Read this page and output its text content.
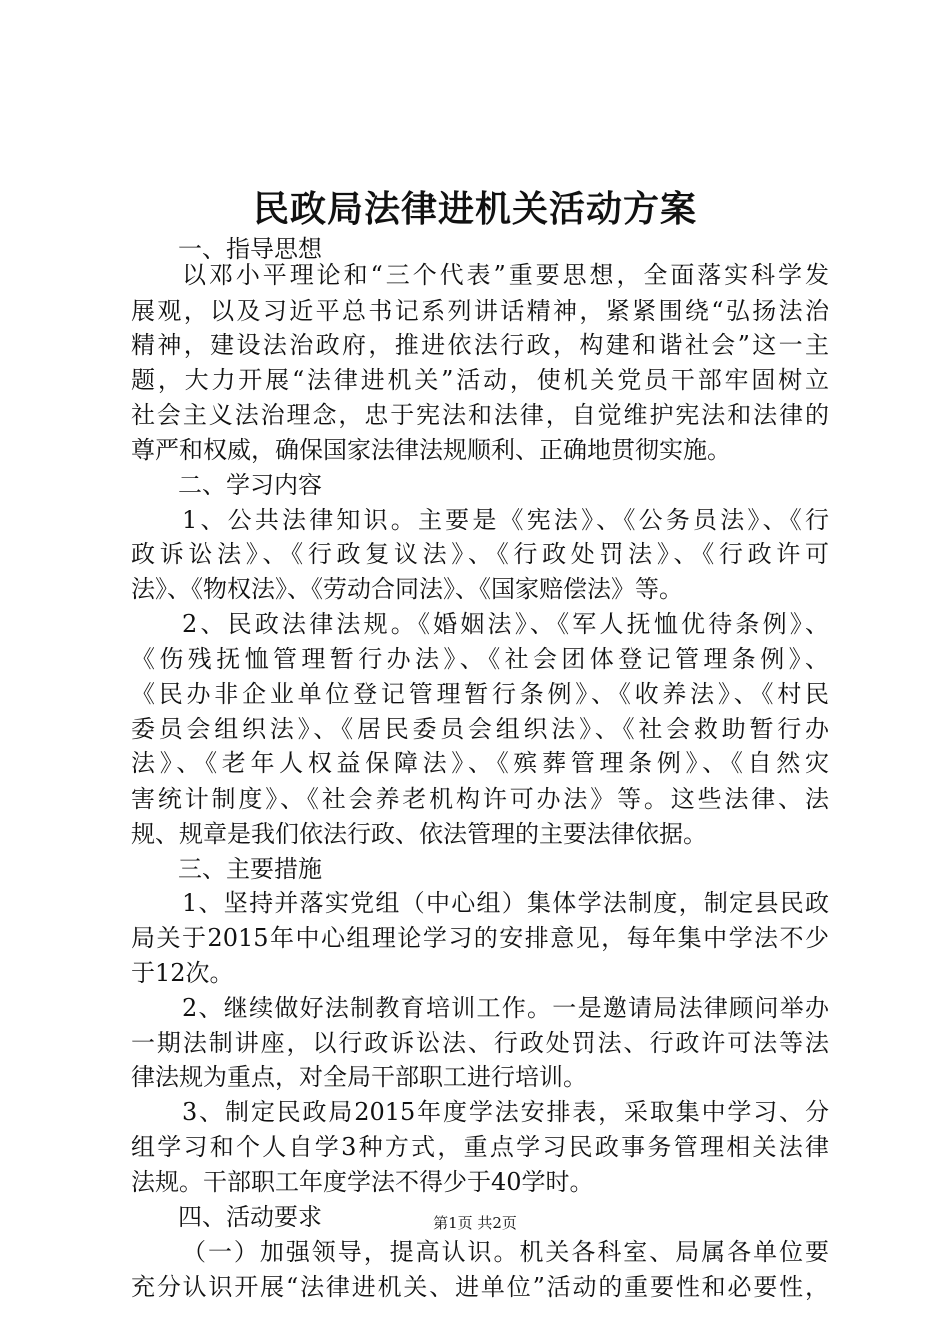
民政局法律进机关活动方案
一、指导思想
以邓小平理论和“三个代表”重要思想，全面落实科学发
展观，以及习近平总书记系列讲话精神，紧紧围绕“弘扬法治
精神，建设法治政府，推进依法行政，构建和谐社会”这一主
题，大力开展“法律进机关”活动，使机关党员干部牢固树立
社会主义法治理念，忠于宪法和法律，自觉维护宪法和法律的
尊严和权威，确保国家法律法规顺利、正确地贯彻实施。
二、学习内容
1、公共法律知识。主要是《宪法》、《公务员法》、《行
政诉讼法》、《行政复议法》、《行政处罚法》、《行政许可
法》、《物权法》、《劳动合同法》、《国家赔偿法》等。
2、民政法律法规。《婚姻法》、《军人抚恤优待条例》、
《伤残抚恤管理暂行办法》、《社会团体登记管理条例》、
《民办非企业单位登记管理暂行条例》、《收养法》、《村民
委员会组织法》、《居民委员会组织法》、《社会救助暂行办
法》、《老年人权益保障法》、《殡葬管理条例》、《自然灾
害统计制度》、《社会养老机构许可办法》等。这些法律、法
规、规章是我们依法行政、依法管理的主要法律依据。
三、主要措施
1、坚持并落实党组（中心组）集体学法制度，制定县民政
局关于2015年中心组理论学习的安排意见，每年集中学法不少
于12次。
2、继续做好法制教育培训工作。一是邀请局法律顾问举办
一期法制讲座，以行政诉讼法、行政处罚法、行政许可法等法
律法规为重点，对全局干部职工进行培训。
3、制定民政局2015年度学法安排表，采取集中学习、分
组学习和个人自学3种方式，重点学习民政事务管理相关法律
法规。干部职工年度学法不得少于40学时。
四、活动要求
（一）加强领导，提高认识。机关各科室、局属各单位要
充分认识开展“法律进机关、进单位”活动的重要性和必要性，
第1页 共2页
